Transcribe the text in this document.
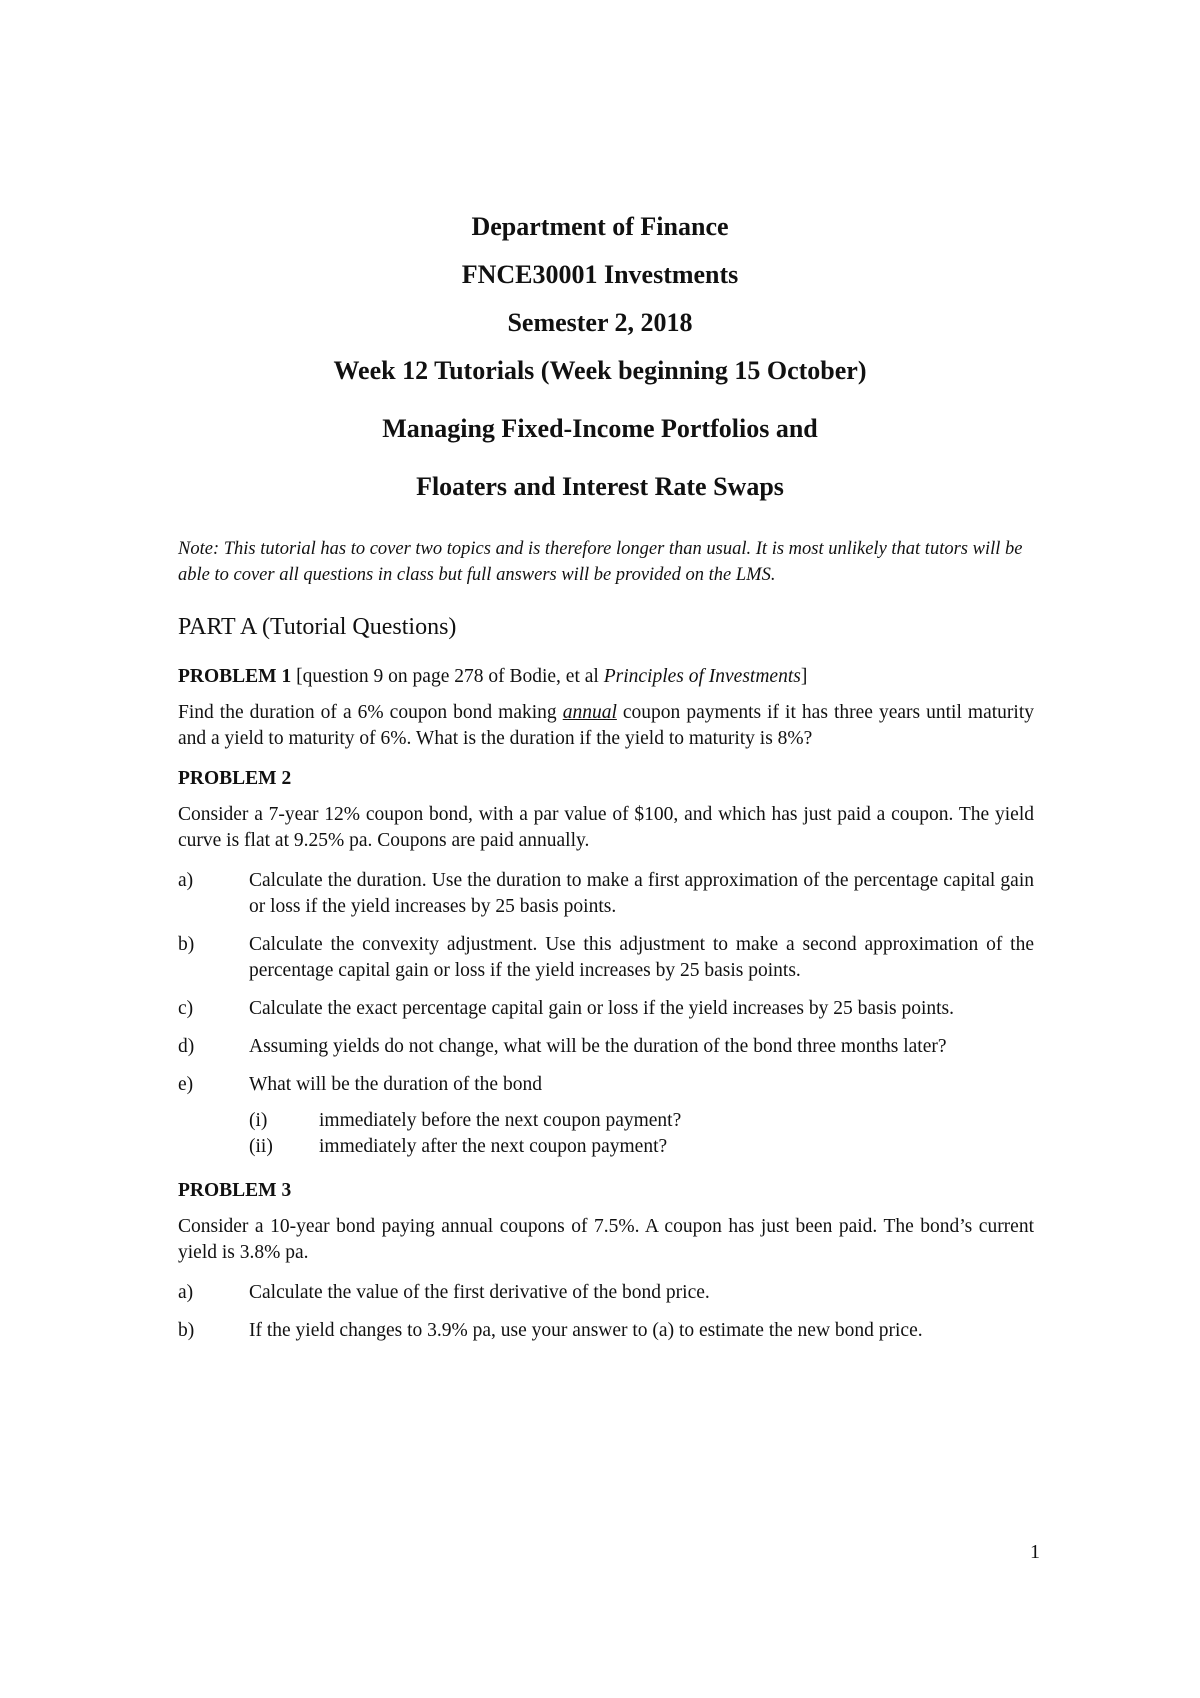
Department of Finance

FNCE30001 Investments

Semester 2, 2018

Week 12 Tutorials (Week beginning 15 October)

Managing Fixed-Income Portfolios and

Floaters and Interest Rate Swaps

Note: This tutorial has to cover two topics and is therefore longer than usual. It is most unlikely that tutors will be able to cover all questions in class but full answers will be provided on the LMS.

PART A (Tutorial Questions)

PROBLEM 1 [question 9 on page 278 of Bodie, et al Principles of Investments]

Find the duration of a 6% coupon bond making annual coupon payments if it has three years until maturity and a yield to maturity of 6%. What is the duration if the yield to maturity is 8%?

PROBLEM 2

Consider a 7-year 12% coupon bond, with a par value of $100, and which has just paid a coupon. The yield curve is flat at 9.25% pa. Coupons are paid annually.

a)	Calculate the duration. Use the duration to make a first approximation of the percentage capital gain or loss if the yield increases by 25 basis points.
b)	Calculate the convexity adjustment. Use this adjustment to make a second approximation of the percentage capital gain or loss if the yield increases by 25 basis points.
c)	Calculate the exact percentage capital gain or loss if the yield increases by 25 basis points.
d)	Assuming yields do not change, what will be the duration of the bond three months later?
e)	What will be the duration of the bond
(i)	immediately before the next coupon payment?
(ii)	immediately after the next coupon payment?

PROBLEM 3

Consider a 10-year bond paying annual coupons of 7.5%. A coupon has just been paid. The bond’s current yield is 3.8% pa.

a)	Calculate the value of the first derivative of the bond price.
b)	If the yield changes to 3.9% pa, use your answer to (a) to estimate the new bond price.
1
